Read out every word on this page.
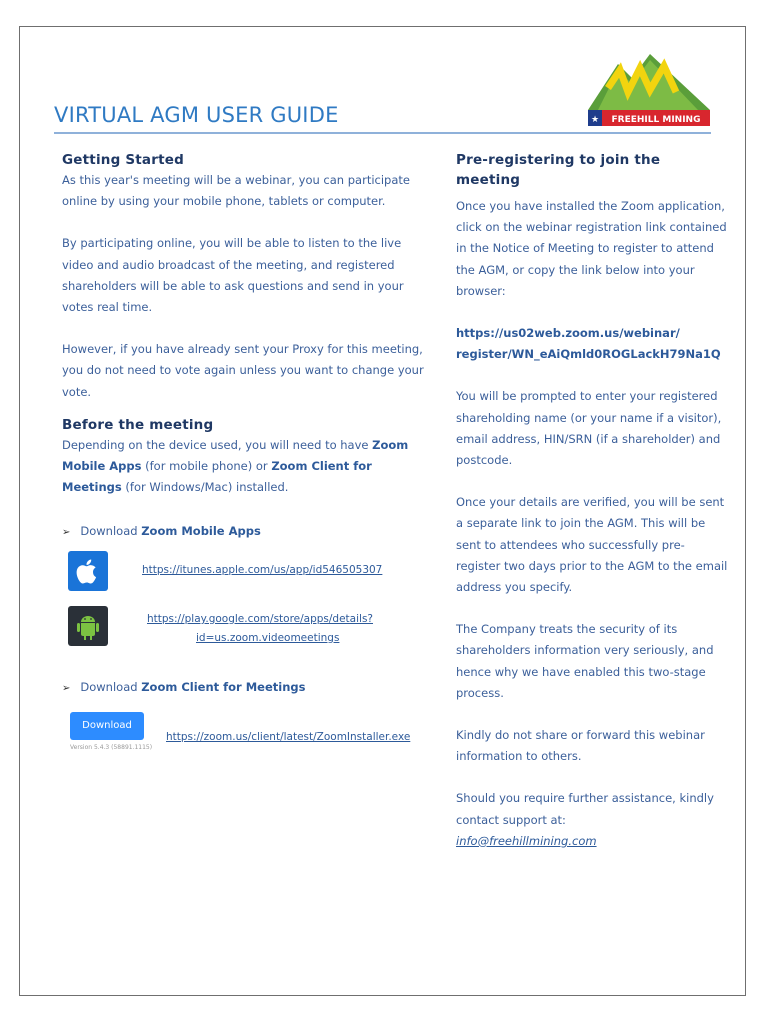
VIRTUAL AGM USER GUIDE	★ FREEHILL MINING
Getting Started

As this year's meeting will be a webinar, you can participate online by using your mobile phone, tablets or computer.

By participating online, you will be able to listen to the live video and audio broadcast of the meeting, and registered shareholders will be able to ask questions and send in your votes real time.

However, if you have already sent your Proxy for this meeting, you do not need to vote again unless you want to change your vote.

Before the meeting

Depending on the device used, you will need to have Zoom Mobile Apps (for mobile phone) or Zoom Client for Meetings (for Windows/Mac) installed.

➢ Download Zoom Mobile Apps
https://itunes.apple.com/us/app/id546505307
https://play.google.com/store/apps/details?
id=us.zoom.videomeetings
➢ Download Zoom Client for Meetings
Download
Version 5.4.3 (58891.1115)
https://zoom.us/client/latest/ZoomInstaller.exe
Pre-registering to join the meeting

Once you have installed the Zoom application, click on the webinar registration link contained in the Notice of Meeting to register to attend the AGM, or copy the link below into your browser:

https://us02web.zoom.us/webinar/
register/WN_eAiQmld0ROGLackH79Na1Q

You will be prompted to enter your registered shareholding name (or your name if a visitor), email address, HIN/SRN (if a shareholder) and postcode.

Once your details are verified, you will be sent a separate link to join the AGM. This will be sent to attendees who successfully pre-register two days prior to the AGM to the email address you specify.

The Company treats the security of its shareholders information very seriously, and hence why we have enabled this two-stage process.

Kindly do not share or forward this webinar information to others.

Should you require further assistance, kindly contact support at:

info@freehillmining.com
